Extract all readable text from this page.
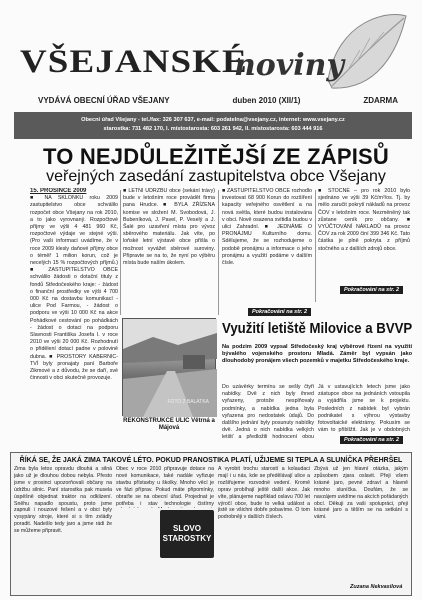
VŠEJANSKÉ
noviny
VYDÁVÁ OBECNÍ ÚŘAD VŠEJANY	duben 2010 (XII/1)	ZDARMA
Obecní úřad Všejany - tel./fax: 326 307 637, e-mail: podatelna@vsejany.cz, internet: www.vsejany.cz
starostka: 731 482 170, I. místostarosta: 603 261 942, II. místostarosta: 603 444 916
TO NEJDŮLEŽITĚJŠÍ ZE ZÁPISŮ
veřejných zasedání zastupitelstva obce Všejany
15. PROSINCE 2009

■ NA SKLONKU roku 2009 zastupitelstvo obce schválilo rozpočet obce Všejany na rok 2010, a to jako vyrovnaný. Rozpočtové příjmy ve výši 4 481 960 Kč, rozpočtové výdaje ve stejné výši. (Pro vaši informaci uvádíme, že v roce 2009 klesly daňové příjmy obce o téměř 1 milion korun, což je necelých 15 % rozpočtových příjmů.) ■ ZASTUPITELSTVO OBCE schválilo žádosti o dotační tituly z fondů Středočeského kraje: - žádost o finanční prostředky ve výši 4 700 000 Kč na dostavbu komunikací - ulice Pod Farmou, - žádost o podporu ve výši 10 000 Kč na akce Pohádkové cestování po pohádkách - žádost o dotaci na podporu Slavnosti Františka Josefa I. v roce 2010 ve výši 20 000 Kč. Rozhodnutí o přidělení dotací padne v polovině dubna. ■ PROSTORY KABERNIC-TVÍ byly pronajaty paní Barboře Zikmové a z důvodu, že se daří, své činnosti v obci skutečně provozuje.

■ LETNÍ ÚDRŽBU obce (sekání trávy) bude v letošním roce provádět firma pana Hrudce. ■ BYLA ZŘÍZENA komise ve složení M. Svobodová, J. Bubeníková, J. Pavel, P. Veselý a J. Šalé pro uzavření místa pro vývoz sběrového materiálu. Jak víte, po loňské letní výstavě obce přišla o možnost vyvážet sběrové suroviny. Připravte se na to, že nyní po výběru místa bude naším úkolem.

■ ZASTUPITELSTVO OBCE rozhodlo investovat 68 900 Korun do rozšíření kapacity veřejného osvětlení a na nová světla, které budou instalována v obci. Nově osazena svítidla budou v ulici Zahradní. ■ JEDNÁME O PRONÁJMU Kulturního domu. Sdělujeme, že se rozhodujeme o podobě pronájmu a informace o jeho pronájmu a využití podáme v dalším čísle.

Pokračování na str. 2

■ STOČNÉ – pro rok 2010 bylo sjednáno ve výši 39 Kč/m³/os. Tj. by mělo zaručit pokrytí nákladů na provoz ČOV v letošním roce. Nezměněný tak zůstane ceník pro občany. ■ VYÚČTOVÁNÍ NÁKLADŮ na provoz ČOV za rok 2009 činí 399 346 Kč. Tato částka je plně pokryta z příjmů stočného a z dalších zdrojů obce.

Pokračování na str. 2
FOTO 2 BALATKA
REKONSTRUKCE ULIC Větrná a Májová
Využití letiště Milovice a BVVP
Na podzim 2009 vypsal Středočeský kraj výběrové řízení na využití bývalého vojenského prostoru Mladá. Záměr byl vypsán jako dlouhodobý pronájem všech pozemků v majetku Středočeského kraje.

Do uzávěrky termínu se sešly čtyři nabídky. Dvě z nich byly ihned vyřazeny, protože nesplňovaly podmínky, a nabídka jedna byla vyřazena pro nedostatek údajů. Do dalšího jednání byly posunuty nabídky dvě. Jedná o nich nabídka velkých letišť a předložili hodnocení obou

Já v ustavujících letech jsme jako zástupce obce na jednáních vstoupila a vyjádřila jsme se k projektu. Posledních z nabídek byl vybrán podnikatel s výhrou výstavby fotovoltaické elektrárny. Pokusím se vám to přiblížit. Jak je v obdobných

Pokračování na str. 2
ŘÍKÁ SE, ŽE JAKÁ ZIMA TAKOVÉ LÉTO. POKUD PRANOSTIKA PLATÍ, UŽIJEME SI TEPLA A SLUNÍČKA PŘEHRŠEL

Zima byla letos opravdu dlouhá a silná jako už je dlouhou dobou nebyla. Přesto jsme v prosinci upozorňovali občany na údržbu silnic. Paní starostka pak musela úspěšně objednat traktor na odklizení. Sněhu napadlo spoustu, proto jsme zapnuli i nouzové řešení a v obci byly vysypány stroje, které si s tím zvládly poradit. Nadešlo tedy jaro a jsme rádi že se můžeme připravit.

Obec v roce 2010 připravuje dotace na nové komunikace, také nadále vyřizuje stavbu přístavby u školky. Mnoho věcí je ve fázi příprav. Pokud máte připomínky, obraťte se na obecní úřad. Projednat je potřeba i stav technologie čistírny

SLOVO STAROSTKY

A vyrobit trochu starostí a kolaudaci mají i u nás, kde se předělávají ulice a rozšiřujeme rozvodné vedení. Kromě oprav probíhají ještě další akce. Jak víte, plánujeme například oslavu 700 let výročí obce, bude to velká událost a jistě se všichni dobře pobavíme. O tom podrobněji v dalších číslech.

Zbývá už jen hlavní otázka, jakým způsobem zjara oslavit. Přeji všem krásné jaro, pevné zdraví a hlavně mnoho sluníčka. Doufám, že se navzájem uvidíme na akcích pořádaných obcí. Děkuji za vaši spolupráci, přeji krásné jaro a těším se na setkání s vámi.

Zuzana Nekvasilová
